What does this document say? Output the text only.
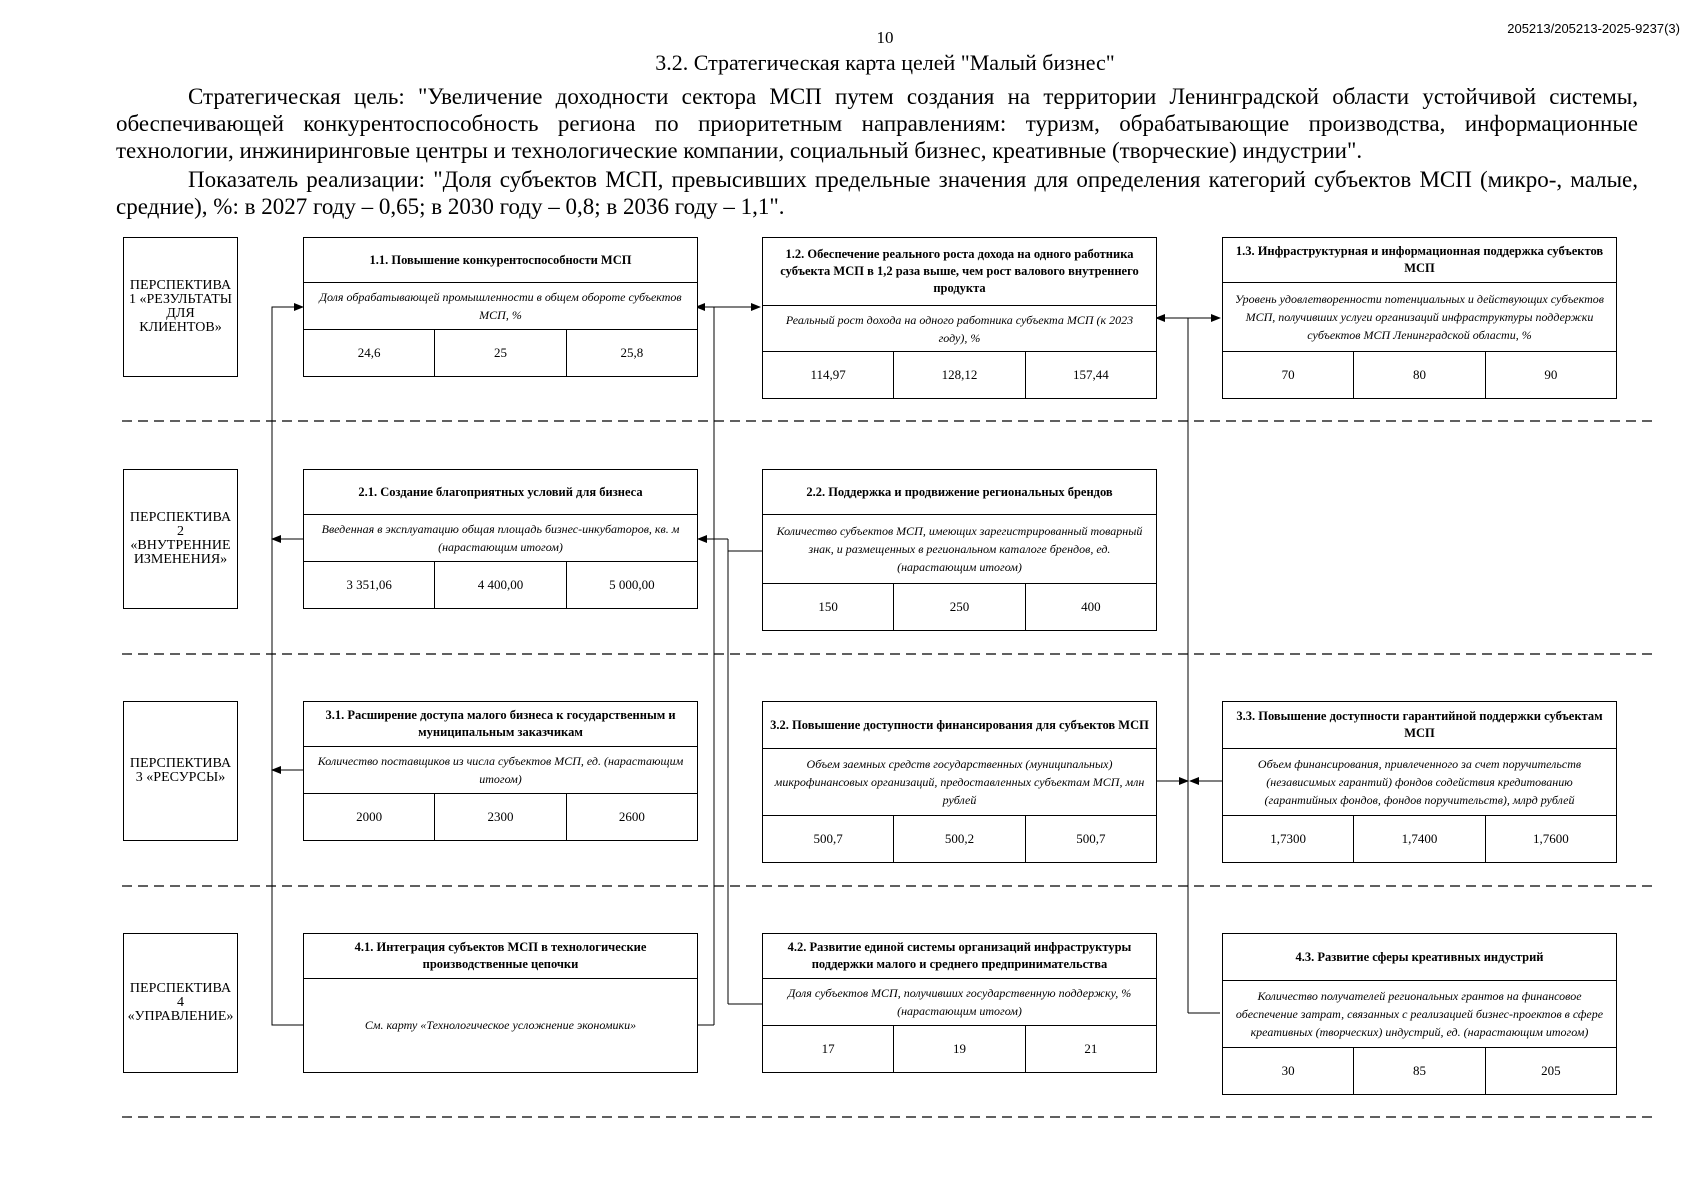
10	205213/205213-2025-9237(3)
3.2. Стратегическая карта целей "Малый бизнес"
Стратегическая цель: "Увеличение доходности сектора МСП путем создания на территории Ленинградской области устойчивой системы, обеспечивающей конкурентоспособность региона по приоритетным направлениям: туризм, обрабатывающие производства, информационные технологии, инжиниринговые центры и технологические компании, социальный бизнес, креативные (творческие) индустрии".
Показатель реализации: "Доля субъектов МСП, превысивших предельные значения для определения категорий субъектов МСП (микро-, малые, средние), %: в 2027 году – 0,65; в 2030 году – 0,8; в 2036 году – 1,1".
ПЕРСПЕКТИВА 1 «РЕЗУЛЬТАТЫ ДЛЯ КЛИЕНТОВ»
ПЕРСПЕКТИВА 2 «ВНУТРЕННИЕ ИЗМЕНЕНИЯ»
ПЕРСПЕКТИВА 3 «РЕСУРСЫ»
ПЕРСПЕКТИВА 4 «УПРАВЛЕНИЕ»
1.1. Повышение конкурентоспособности МСП
Доля обрабатывающей промышленности в общем обороте субъектов МСП, %
24,6	25	25,8
1.2. Обеспечение реального роста дохода на одного работника субъекта МСП в 1,2 раза выше, чем рост валового внутреннего продукта
Реальный рост дохода на одного работника субъекта МСП (к 2023 году), %
114,97	128,12	157,44
1.3. Инфраструктурная и информационная поддержка субъектов МСП
Уровень удовлетворенности потенциальных и действующих субъектов МСП, получивших услуги организаций инфраструктуры поддержки субъектов МСП Ленинградской области, %
70	80	90
2.1. Создание благоприятных условий для бизнеса
Введенная в эксплуатацию общая площадь бизнес-инкубаторов, кв. м (нарастающим итогом)
3 351,06	4 400,00	5 000,00
2.2. Поддержка и продвижение региональных брендов
Количество субъектов МСП, имеющих зарегистрированный товарный знак, и размещенных в региональном каталоге брендов, ед. (нарастающим итогом)
150	250	400
3.1. Расширение доступа малого бизнеса к государственным и муниципальным заказчикам
Количество поставщиков из числа субъектов МСП, ед. (нарастающим итогом)
2000	2300	2600
3.2. Повышение доступности финансирования для субъектов МСП
Объем заемных средств государственных (муниципальных) микрофинансовых организаций, предоставленных субъектам МСП, млн рублей
500,7	500,2	500,7
3.3. Повышение доступности гарантийной поддержки субъектам МСП
Объем финансирования, привлеченного за счет поручительств (независимых гарантий) фондов содействия кредитованию (гарантийных фондов, фондов поручительств), млрд рублей
1,7300	1,7400	1,7600
4.1. Интеграция субъектов МСП в технологические производственные цепочки
См. карту «Технологическое усложнение экономики»
4.2. Развитие единой системы организаций инфраструктуры поддержки малого и среднего предпринимательства
Доля субъектов МСП, получивших государственную поддержку, % (нарастающим итогом)
17	19	21
4.3. Развитие сферы креативных индустрий
Количество получателей региональных грантов на финансовое обеспечение затрат, связанных с реализацией бизнес-проектов в сфере креативных (творческих) индустрий, ед. (нарастающим итогом)
30	85	205
